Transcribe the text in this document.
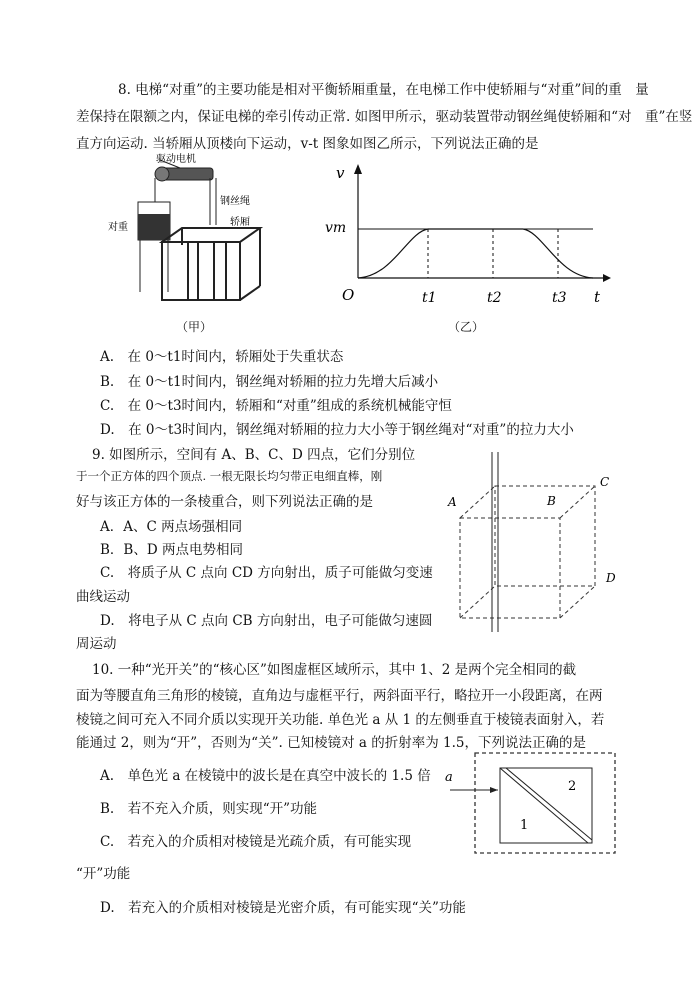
8. 电梯“对重”的主要功能是相对平衡轿厢重量，在电梯工作中使轿厢与“对重”间的重　量
差保持在限额之内，保证电梯的牵引传动正常. 如图甲所示，驱动装置带动钢丝绳使轿厢和“对　重”在竖
直方向运动. 当轿厢从顶楼向下运动，v-t 图象如图乙所示，下列说法正确的是
驱动电机
钢丝绳
对重	轿厢
（甲）
v
vm
O	t1	t2	t3 t
（乙）
A.　在 0～t1时间内，轿厢处于失重状态
B.　在 0～t1时间内，钢丝绳对轿厢的拉力先增大后减小
C.　在 0～t3时间内，轿厢和“对重”组成的系统机械能守恒
D.　在 0～t3时间内，钢丝绳对轿厢的拉力大小等于钢丝绳对“对重”的拉力大小
9. 如图所示，空间有 A、B、C、D 四点，它们分别位
于一个正方体的四个顶点. 一根无限长均匀带正电细直棒，刚
好与该正方体的一条棱重合，则下列说法正确的是
A．A、C 两点场强相同
B．B、D 两点电势相同
C.　将质子从 C 点向 CD 方向射出，质子可能做匀变速
曲线运动
D.　将电子从 C 点向 CB 方向射出，电子可能做匀速圆
周运动
A	B
C
D
10. 一种“光开关”的“核心区”如图虚框区域所示，其中 1、2 是两个完全相同的截
面为等腰直角三角形的棱镜，直角边与虚框平行，两斜面平行，略拉开一小段距离，在两
棱镜之间可充入不同介质以实现开关功能. 单色光 a 从 1 的左侧垂直于棱镜表面射入，若
能通过 2，则为“开”，否则为“关”. 已知棱镜对 a 的折射率为 1.5，下列说法正确的是
A.　单色光 a 在棱镜中的波长是在真空中波长的 1.5 倍
B.　若不充入介质，则实现“开”功能
C.　若充入的介质相对棱镜是光疏介质，有可能实现
“开”功能
D.　若充入的介质相对棱镜是光密介质，有可能实现“关”功能
a
1
2
